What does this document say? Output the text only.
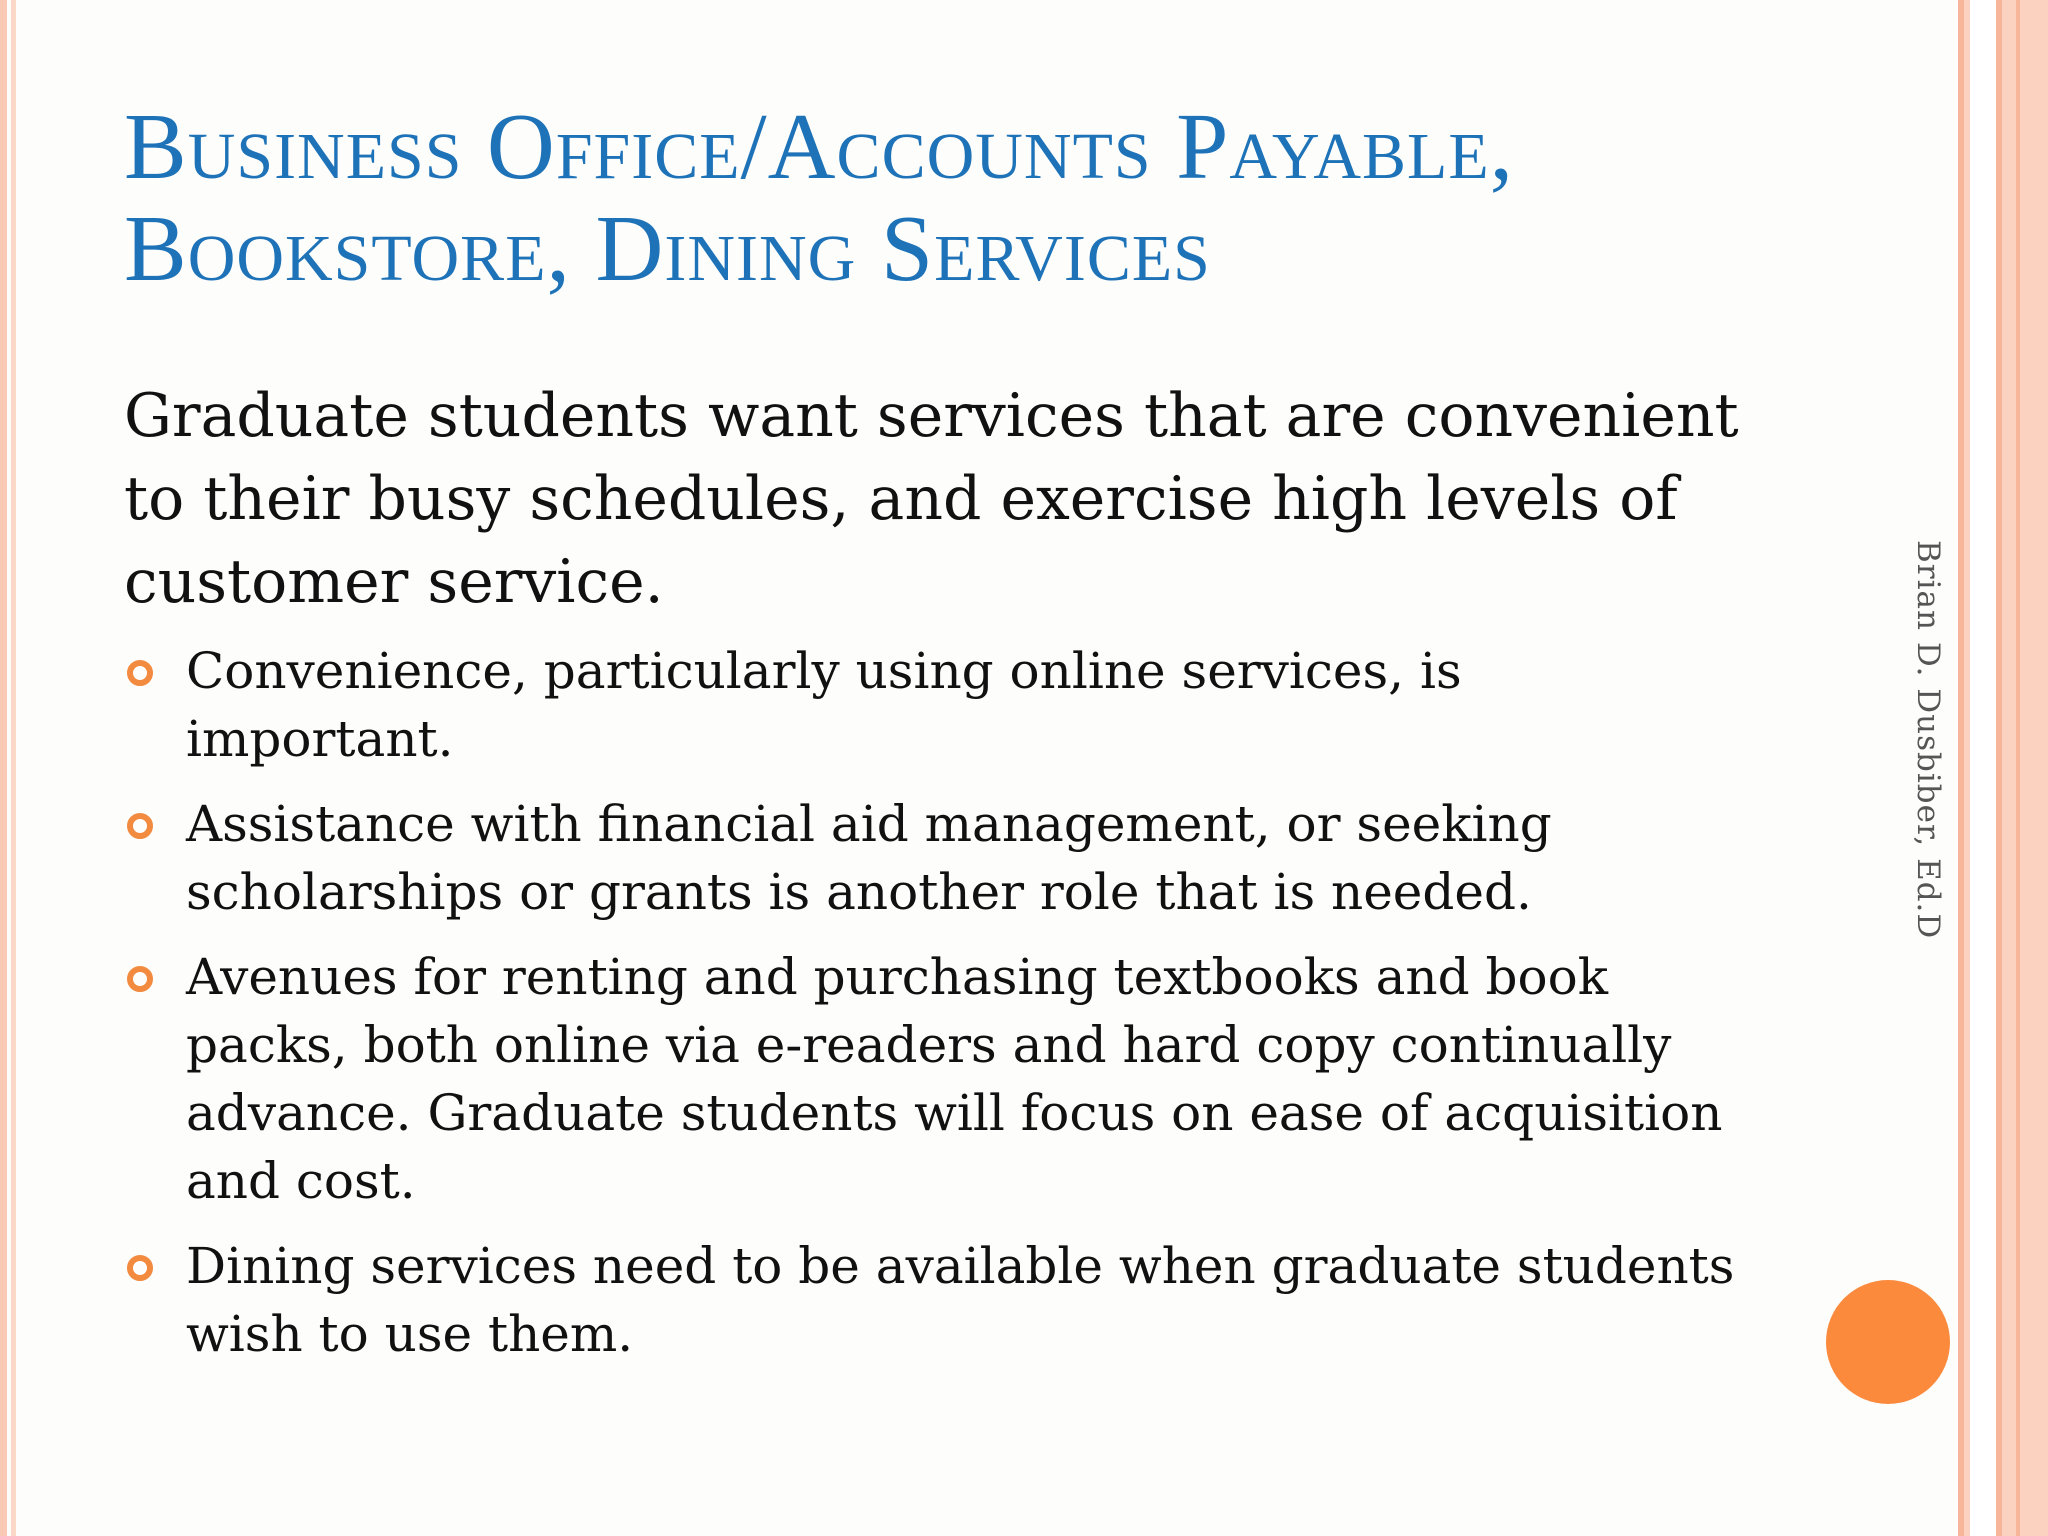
Business Office/Accounts Payable, Bookstore, Dining Services

Graduate students want services that are convenient to their busy schedules, and exercise high levels of customer service.

Convenience, particularly using online services, is important.
Assistance with financial aid management, or seeking scholarships or grants is another role that is needed.
Avenues for renting and purchasing textbooks and book packs, both online via e-readers and hard copy continually advance. Graduate students will focus on ease of acquisition and cost.
Dining services need to be available when graduate students wish to use them.
Brian D. Dusbiber, Ed.D
